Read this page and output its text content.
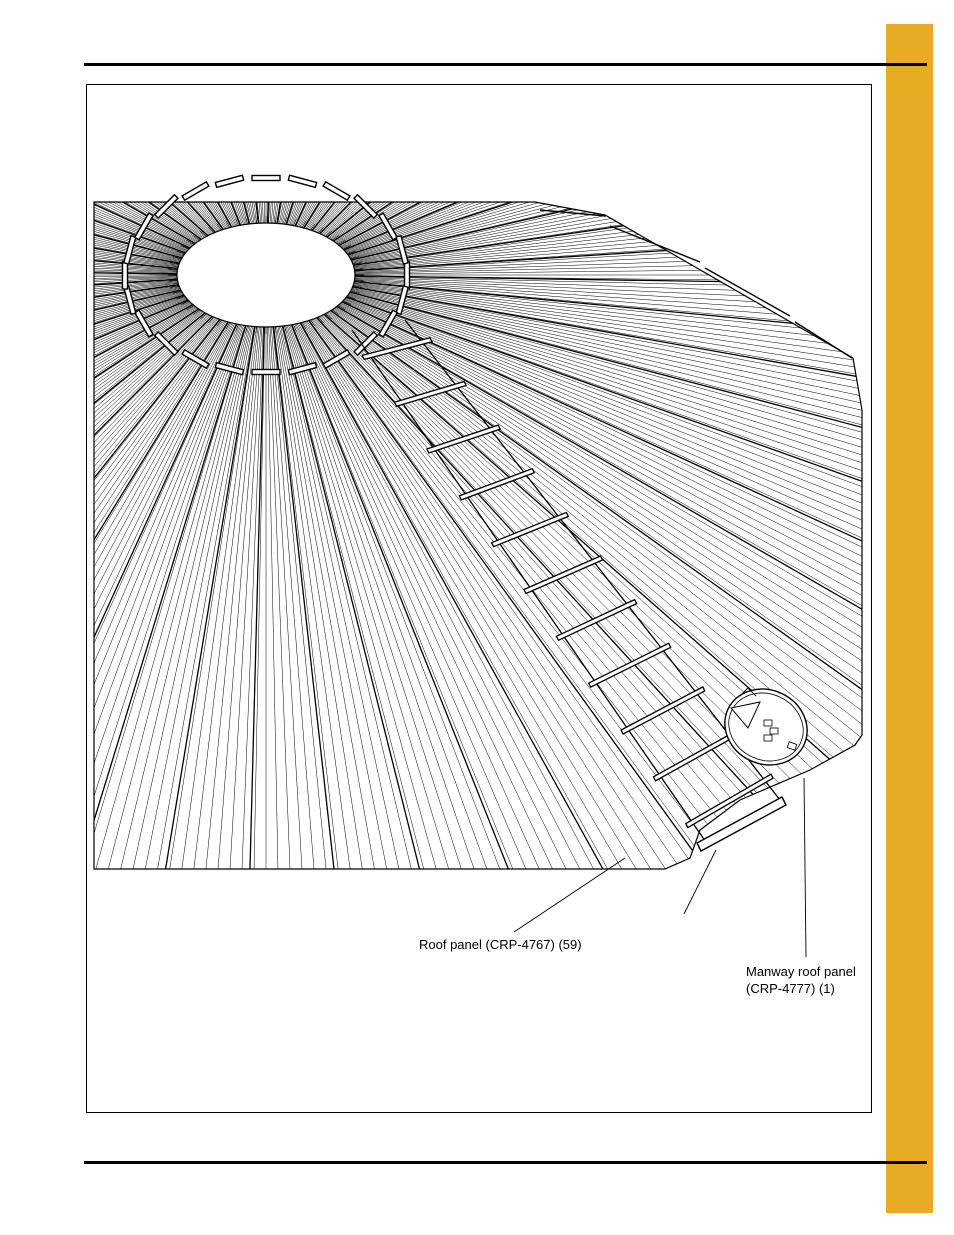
Roof panel (CRP-4767) (59)
Manway roof panel
(CRP-4777) (1)
